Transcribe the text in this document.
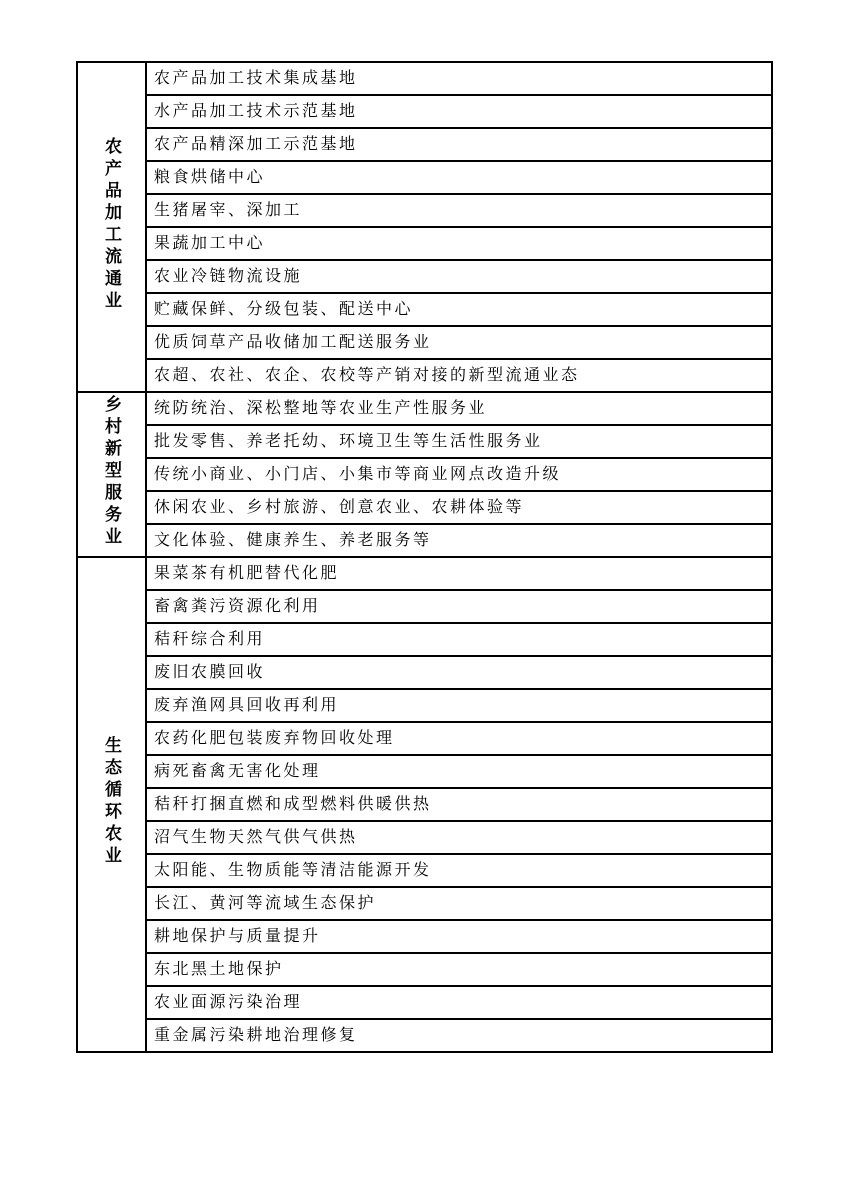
农产品加工流通业	农产品加工技术集成基地
	水产品加工技术示范基地
	农产品精深加工示范基地
	粮食烘储中心
	生猪屠宰、深加工
	果蔬加工中心
	农业冷链物流设施
	贮藏保鲜、分级包装、配送中心
	优质饲草产品收储加工配送服务业
	农超、农社、农企、农校等产销对接的新型流通业态
乡村新型服务业	统防统治、深松整地等农业生产性服务业
	批发零售、养老托幼、环境卫生等生活性服务业
	传统小商业、小门店、小集市等商业网点改造升级
	休闲农业、乡村旅游、创意农业、农耕体验等
	文化体验、健康养生、养老服务等
生态循环农业	果菜茶有机肥替代化肥
	畜禽粪污资源化利用
	秸秆综合利用
	废旧农膜回收
	废弃渔网具回收再利用
	农药化肥包装废弃物回收处理
	病死畜禽无害化处理
	秸秆打捆直燃和成型燃料供暖供热
	沼气生物天然气供气供热
	太阳能、生物质能等清洁能源开发
	长江、黄河等流域生态保护
	耕地保护与质量提升
	东北黑土地保护
	农业面源污染治理
	重金属污染耕地治理修复
